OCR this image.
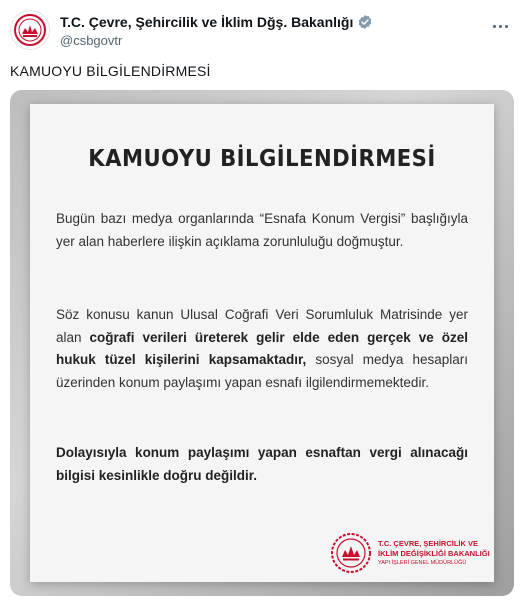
T.C. Çevre, Şehircilik ve İklim Dğş. Bakanlığı
@csbgovtr
KAMUOYU BİLGİLENDİRMESİ
KAMUOYU BİLGİLENDİRMESİ
Bugün bazı medya organlarında “Esnafa Konum Vergisi” başlığıyla yer alan haberlere ilişkin açıklama zorunluluğu doğmuştur.
Söz konusu kanun Ulusal Coğrafi Veri Sorumluluk Matrisinde yer alan coğrafi verileri üreterek gelir elde eden gerçek ve özel hukuk tüzel kişilerini kapsamaktadır, sosyal medya hesapları üzerinden konum paylaşımı yapan esnafı ilgilendirmemektedir.
Dolayısıyla konum paylaşımı yapan esnaftan vergi alınacağı bilgisi kesinlikle doğru değildir.
T.C. ÇEVRE, ŞEHİRCİLİK VE
İKLİM DEĞİŞİKLİĞİ BAKANLIĞI
YAPI İŞLERİ GENEL MÜDÜRLÜĞÜ
